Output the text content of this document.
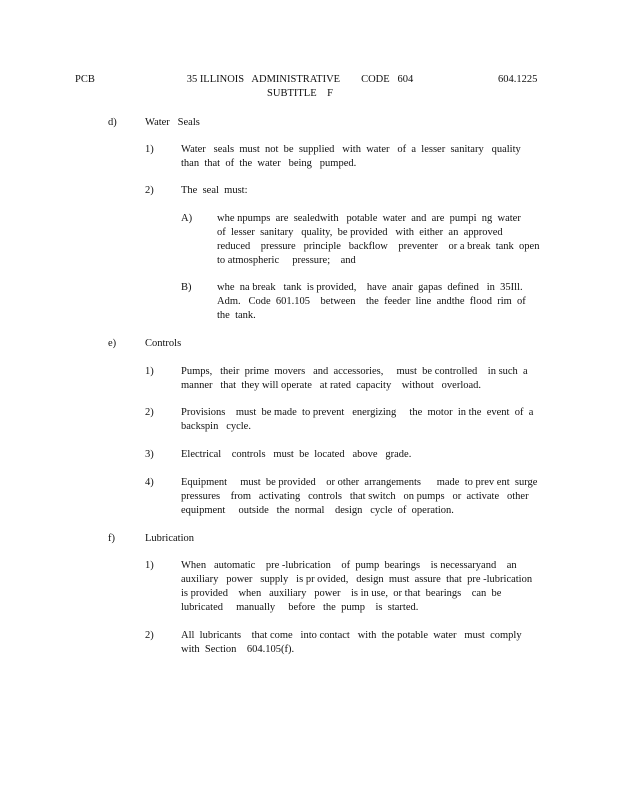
PCB	35 ILLINOIS   ADMINISTRATIVE        CODE   604
SUBTITLE    F
604.1225
d)	Water   Seals
1)	Water   seals  must  not  be  supplied   with  water   of  a  lesser  sanitary   quality
than  that  of  the  water   being   pumped.
2)	The  seal  must:
A) whe npumps  are  sealedwith   potable  water  and  are  pumpi  ng  water
of  lesser  sanitary   quality,  be provided   with  either  an  approved
reduced    pressure   principle   backflow    preventer    or a break  tank  open
to atmospheric     pressure;    and
B) whe  na break   tank  is provided,    have  anair  gapas  defined   in  35Ill.
Adm.   Code  601.105    between    the  feeder  line  andthe  flood  rim  of
the  tank.
e)	Controls
1)	Pumps,   their  prime  movers   and  accessories,     must  be controlled    in such  a
manner   that  they will operate   at rated  capacity    without   overload.
2)	Provisions    must  be made  to prevent   energizing     the  motor  in the  event  of  a
backspin   cycle.
3)	Electrical    controls   must  be  located   above   grade.
4)	Equipment     must  be provided    or other  arrangements      made  to prev ent  surge
pressures    from   activating   controls   that switch   on pumps   or  activate   other
equipment     outside   the  normal    design   cycle  of  operation.
f)	Lubrication
1)	When   automatic    pre -lubrication    of  pump  bearings    is necessaryand    an
auxiliary   power   supply   is pr ovided,   design  must  assure  that  pre -lubrication
is provided    when   auxiliary   power    is in use,  or that  bearings    can  be
lubricated     manually     before   the  pump    is  started.
2)	All  lubricants    that come   into contact   with  the potable  water   must  comply
with  Section    604.105(f).
